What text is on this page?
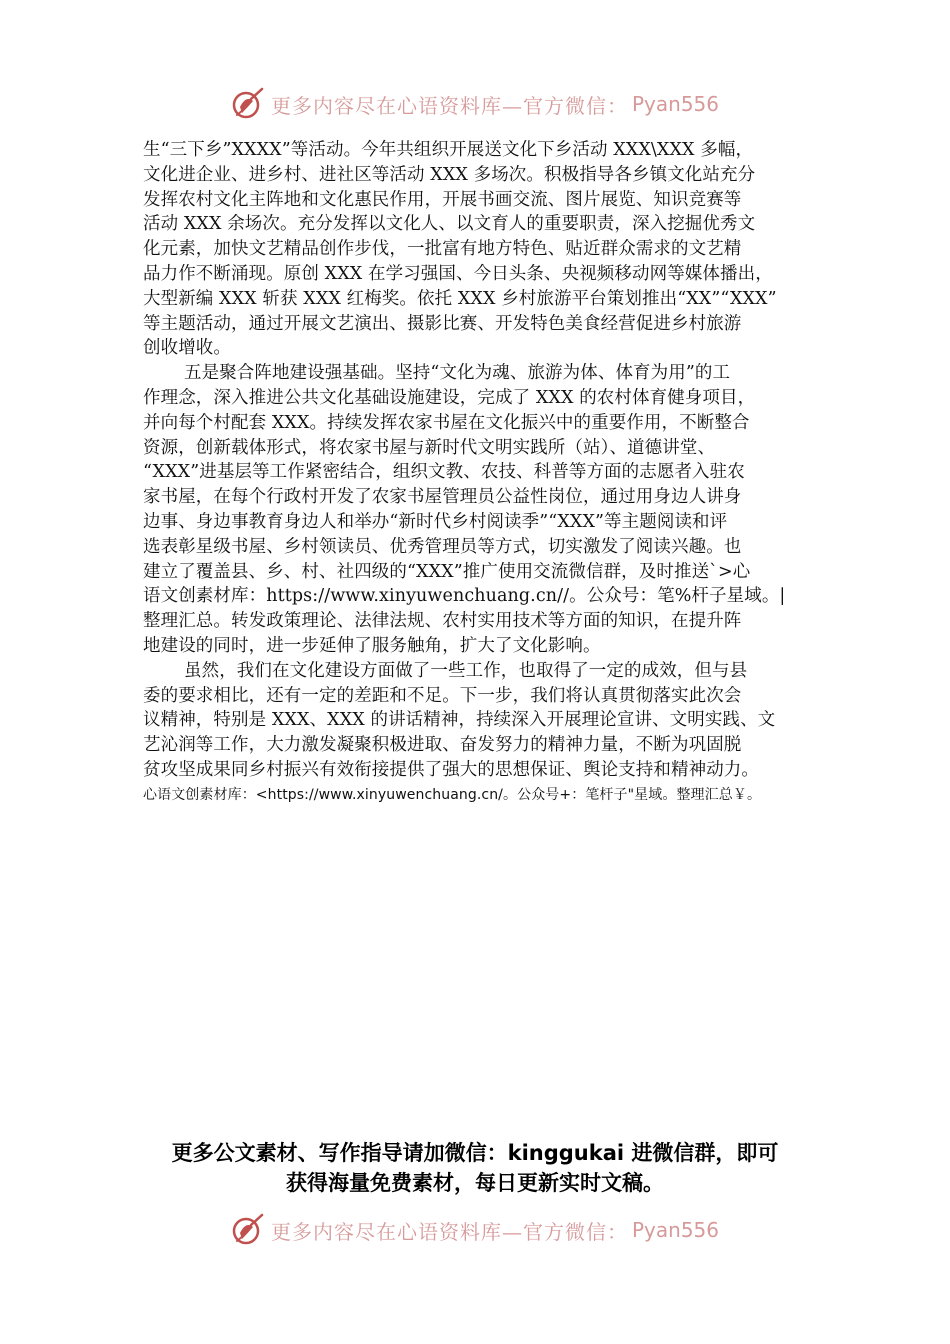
更多内容尽在心语资料库—官方微信： Pyan556
生“三下乡”XXXX”等活动。今年共组织开展送文化下乡活动 XXX\XXX 多幅，
文化进企业、进乡村、进社区等活动 XXX 多场次。积极指导各乡镇文化站充分
发挥农村文化主阵地和文化惠民作用，开展书画交流、图片展览、知识竞赛等
活动 XXX 余场次。充分发挥以文化人、以文育人的重要职责，深入挖掘优秀文
化元素，加快文艺精品创作步伐，一批富有地方特色、贴近群众需求的文艺精
品力作不断涌现。原创 XXX 在学习强国、今日头条、央视频移动网等媒体播出，
大型新编 XXX 斩获 XXX 红梅奖。依托 XXX 乡村旅游平台策划推出“XX”“XXX”
等主题活动，通过开展文艺演出、摄影比赛、开发特色美食经营促进乡村旅游
创收增收。
五是聚合阵地建设强基础。坚持“文化为魂、旅游为体、体育为用”的工
作理念，深入推进公共文化基础设施建设，完成了 XXX 的农村体育健身项目，
并向每个村配套 XXX。持续发挥农家书屋在文化振兴中的重要作用，不断整合
资源，创新载体形式，将农家书屋与新时代文明实践所（站）、道德讲堂、
“XXX”进基层等工作紧密结合，组织文教、农技、科普等方面的志愿者入驻农
家书屋，在每个行政村开发了农家书屋管理员公益性岗位，通过用身边人讲身
边事、身边事教育身边人和举办“新时代乡村阅读季”“XXX”等主题阅读和评
选表彰星级书屋、乡村领读员、优秀管理员等方式，切实激发了阅读兴趣。也
建立了覆盖县、乡、村、社四级的“XXX”推广使用交流微信群，及时推送`>心
语文创素材库：https://www.xinyuwenchuang.cn//。公众号：笔%杆子星域。|
整理汇总。转发政策理论、法律法规、农村实用技术等方面的知识，在提升阵
地建设的同时，进一步延伸了服务触角，扩大了文化影响。
虽然，我们在文化建设方面做了一些工作，也取得了一定的成效，但与县
委的要求相比，还有一定的差距和不足。下一步，我们将认真贯彻落实此次会
议精神，特别是 XXX、XXX 的讲话精神，持续深入开展理论宣讲、文明实践、文
艺沁润等工作，大力激发凝聚积极进取、奋发努力的精神力量，不断为巩固脱
贫攻坚成果同乡村振兴有效衔接提供了强大的思想保证、舆论支持和精神动力。
心语文创素材库：<https://www.xinyuwenchuang.cn/。公众号+：笔杆子"星域。整理汇总￥。
更多公文素材、写作指导请加微信：kinggukai 进微信群，即可
获得海量免费素材，每日更新实时文稿。
更多内容尽在心语资料库—官方微信： Pyan556
